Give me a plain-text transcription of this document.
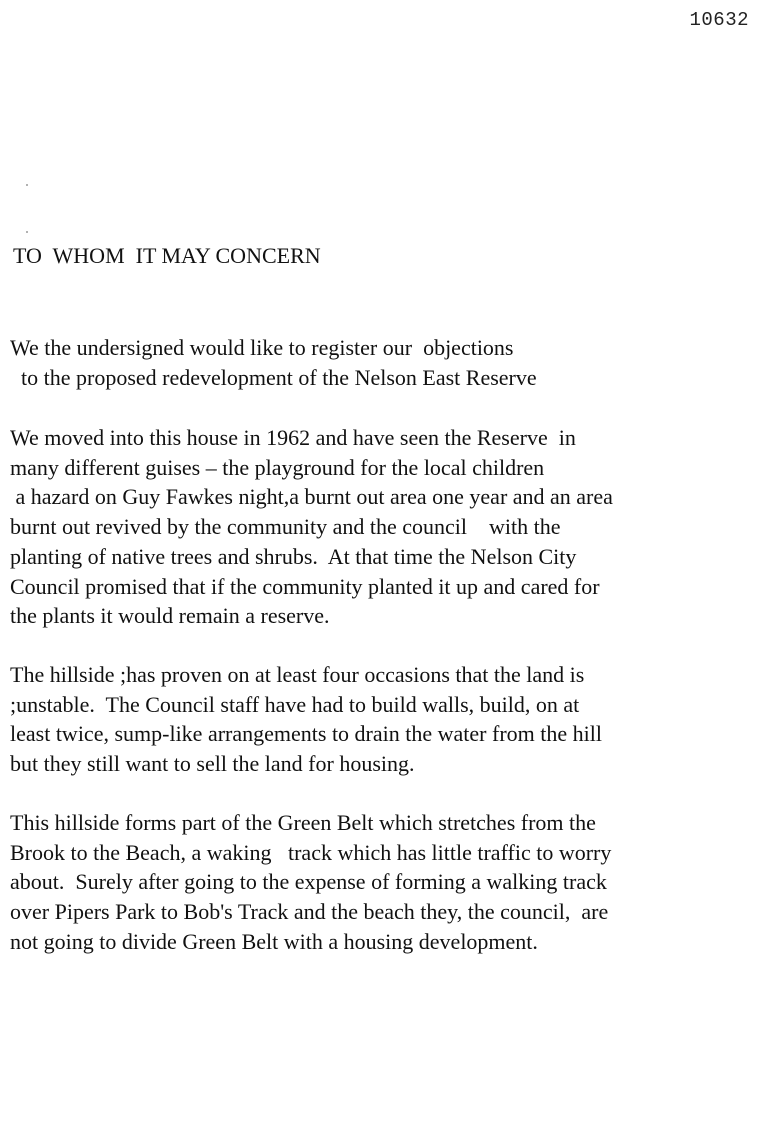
10632

TO  WHOM  IT MAY CONCERN

We the undersigned would like to register our  objections
to the proposed redevelopment of the Nelson East Reserve

We moved into this house in 1962 and have seen the Reserve  in
many different guises – the playground for the local children
a hazard on Guy Fawkes night,a burnt out area one year and an area
burnt out revived by the community and the council    with the
planting of native trees and shrubs.  At that time the Nelson City
Council promised that if the community planted it up and cared for
the plants it would remain a reserve.

The hillside ;has proven on at least four occasions that the land is
;unstable.  The Council staff have had to build walls, build, on at
least twice, sump-like arrangements to drain the water from the hill
but they still want to sell the land for housing.

This hillside forms part of the Green Belt which stretches from the
Brook to the Beach, a waking   track which has little traffic to worry
about.  Surely after going to the expense of forming a walking track
over Pipers Park to Bob's Track and the beach they, the council,  are
not going to divide Green Belt with a housing development.
